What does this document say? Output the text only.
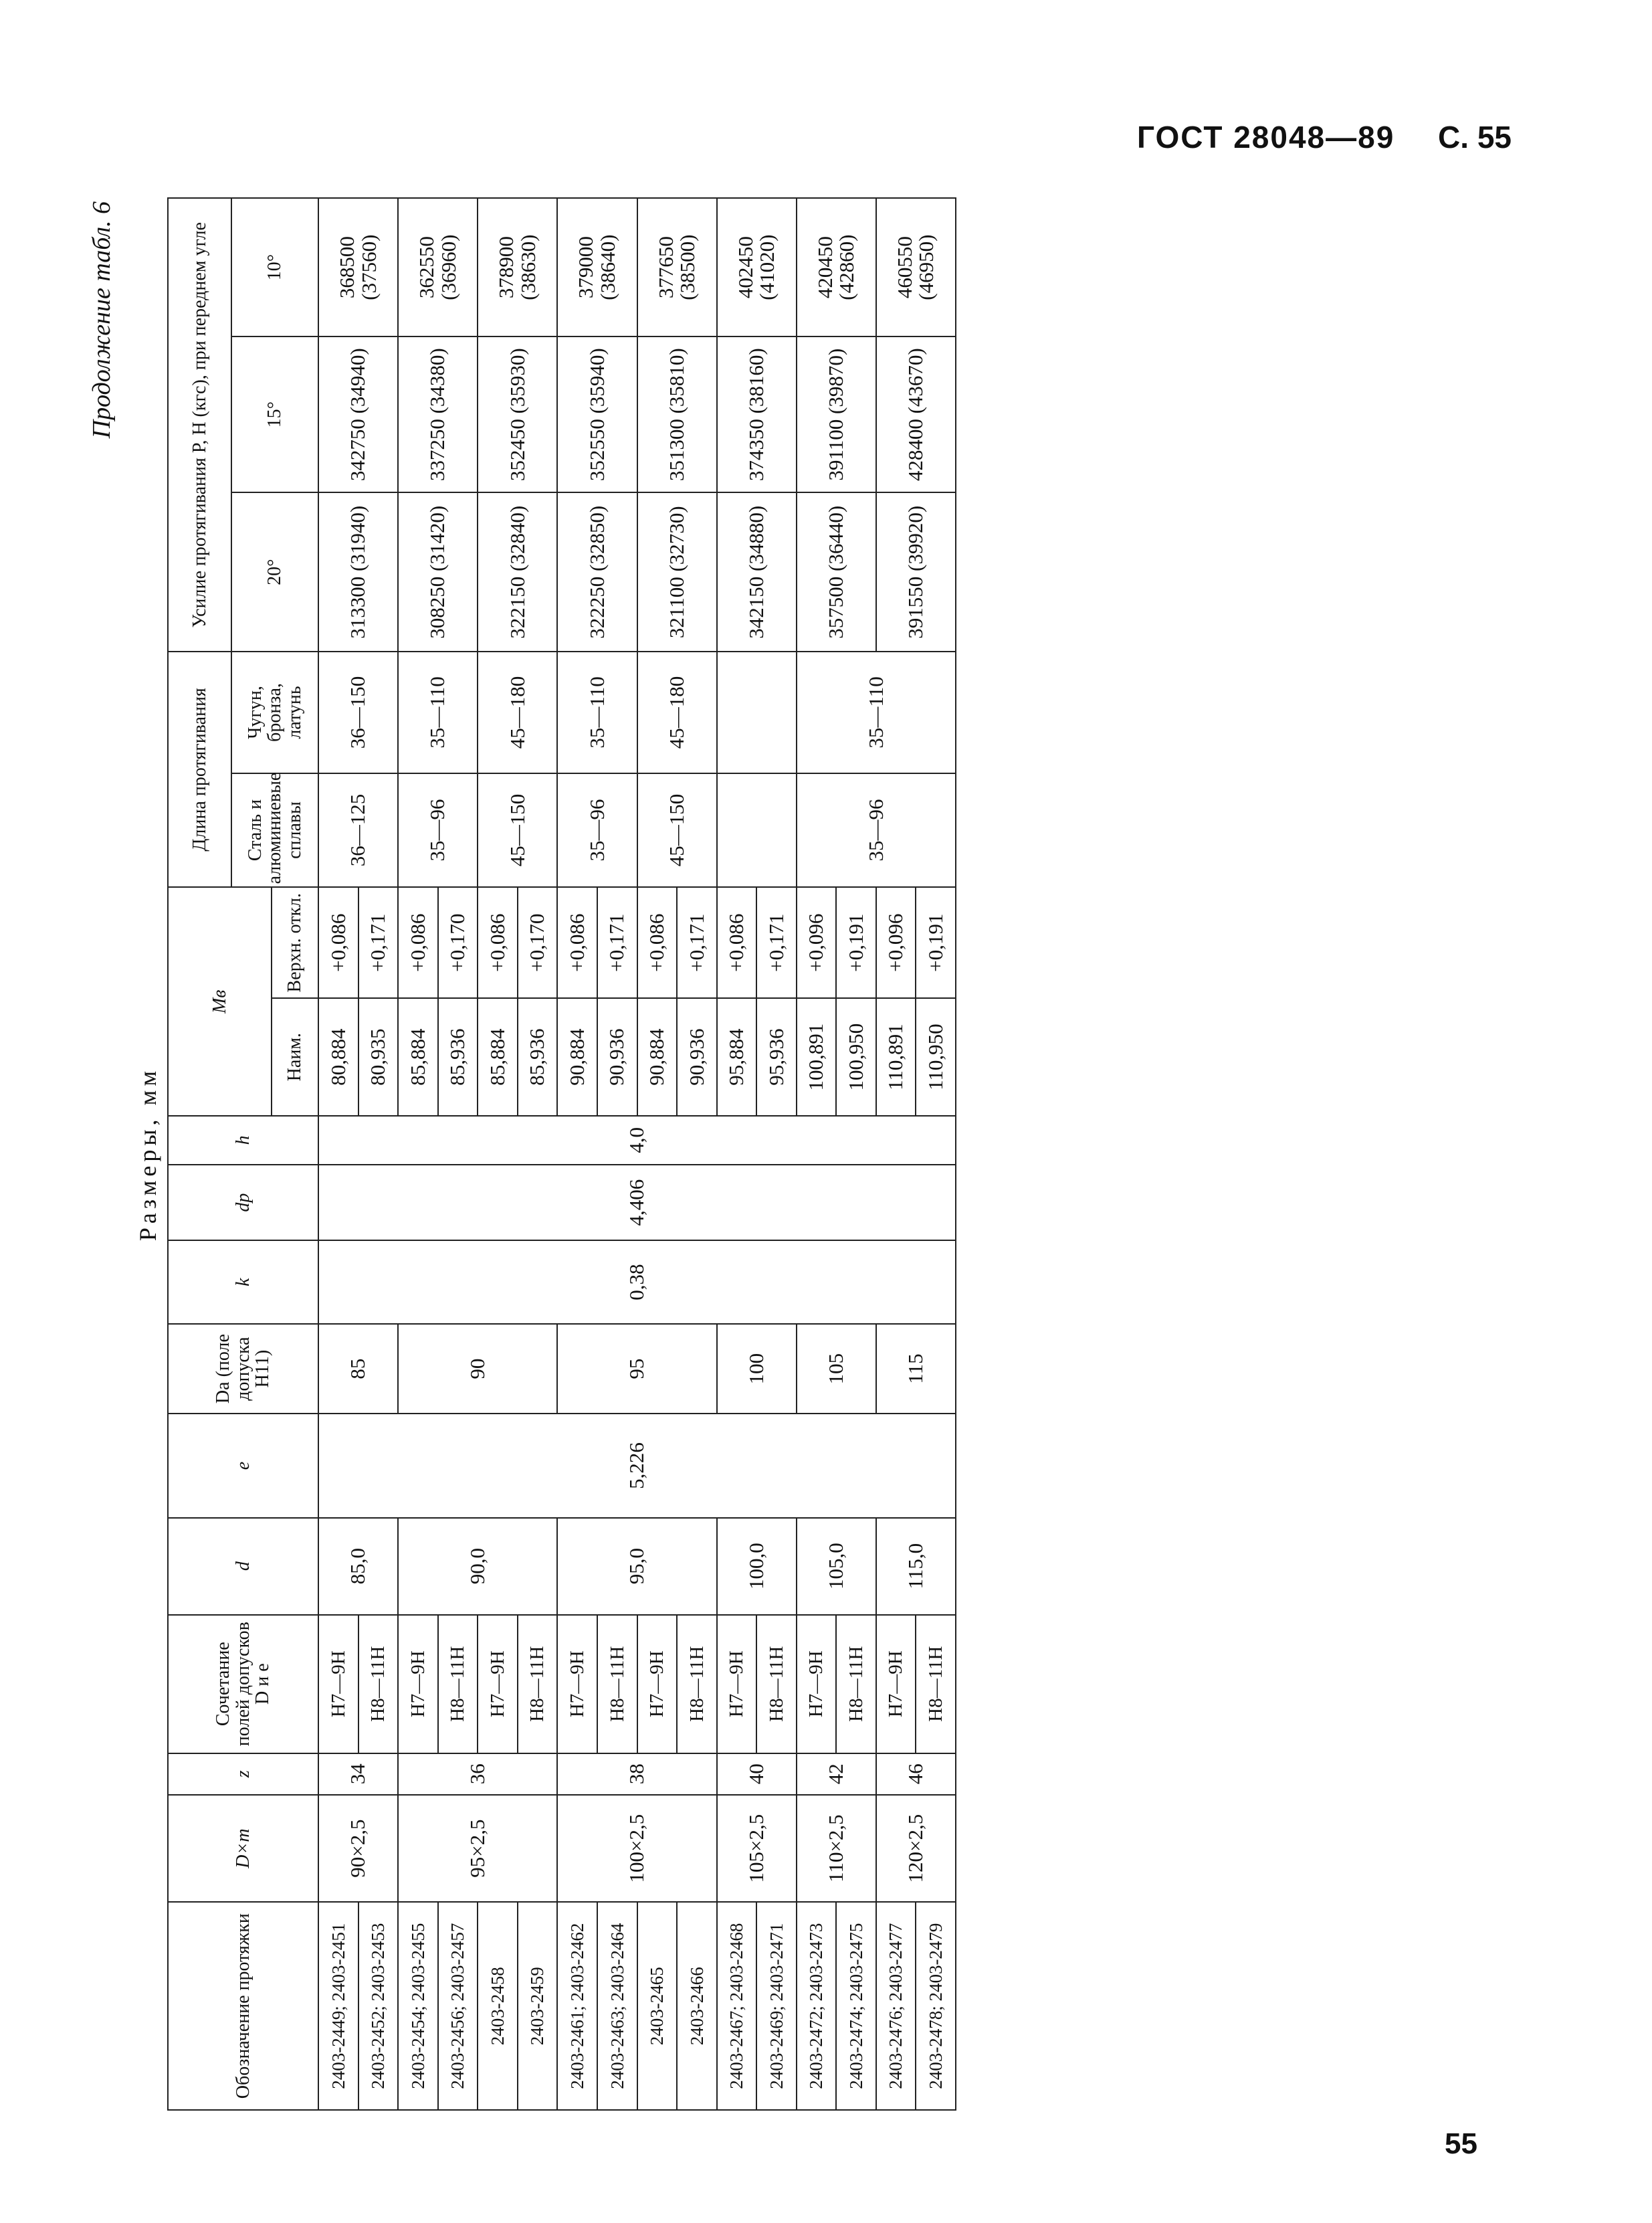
ГОСТ 28048—89 С. 55
Продолжение табл. 6
Размеры, мм
Обозначение протяжки	D×m	z	Сочетание полей допусков D и e	d	e	Da (поле допуска H11)	k	dp	h	Mв		Длина протягивания		Усилие протягивания P, Н (кгс), при переднем угле		
												Сталь и алюминиевые сплавы	Чугун, бронза, латунь	20°	15°	10°
										Наим.	Верхн. откл.					
2403-2449; 2403-2451	90×2,5	34	H7—9H	85,0	5,226	85	0,38	4,406	4,0	80,884	+0,086	36—125	36—150	313300 (31940)	342750 (34940)	368500 (37560)

2403-2452; 2403-2453			H8—11H							80,935	+0,171					
2403-2454; 2403-2455	95×2,5	36	H7—9H	90,0		90				85,884	+0,086	35—96	35—110	308250 (31420)	337250 (34380)	362550 (36960)
2403-2456; 2403-2457			H8—11H							85,936	+0,170					
2403-2458			H7—9H							85,884	+0,086	45—150	45—180	322150 (32840)	352450 (35930)	378900 (38630)
2403-2459			H8—11H							85,936	+0,170					
2403-2461; 2403-2462	100×2,5	38	H7—9H	95,0		95				90,884	+0,086	35—96	35—110	322250 (32850)	352550 (35940)	379000 (38640)
2403-2463; 2403-2464			H8—11H							90,936	+0,171					
2403-2465			H7—9H							90,884	+0,086	45—150	45—180	321100 (32730)	351300 (35810)	377650 (38500)
2403-2466			H8—11H							90,936	+0,171					
2403-2467; 2403-2468	105×2,5	40	H7—9H	100,0		100				95,884	+0,086			342150 (34880)	374350 (38160)	402450 (41020)
2403-2469; 2403-2471			H8—11H							95,936	+0,171					
2403-2472; 2403-2473	110×2,5	42	H7—9H	105,0		105				100,891	+0,096	35—96	35—110	357500 (36440)	391100 (39870)	420450 (42860)
2403-2474; 2403-2475			H8—11H							100,950	+0,191					
2403-2476; 2403-2477	120×2,5	46	H7—9H	115,0		115				110,891	+0,096			391550 (39920)	428400 (43670)	460550 (46950)
2403-2478; 2403-2479			H8—11H							110,950	+0,191					
55
